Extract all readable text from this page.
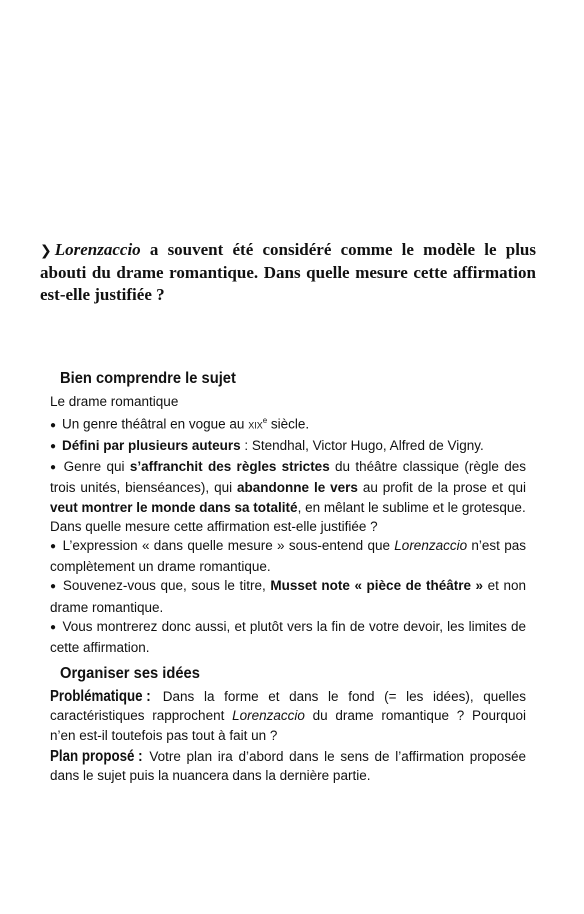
❯ Lorenzaccio a souvent été considéré comme le modèle le plus abouti du drame romantique. Dans quelle mesure cette affirmation est-elle justifiée ?
Bien comprendre le sujet

Le drame romantique

● Un genre théâtral en vogue au xix$^e$ siècle.

● Défini par plusieurs auteurs : Stendhal, Victor Hugo, Alfred de Vigny.

● Genre qui s’affranchit des règles strictes du théâtre classique (règle des trois unités, bienséances), qui abandonne le vers au profit de la prose et qui veut montrer le monde dans sa totalité, en mêlant le sublime et le grotesque.

Dans quelle mesure cette affirmation est-elle justifiée ?

● L’expression « dans quelle mesure » sous-entend que Lorenzaccio n’est pas complètement un drame romantique.

● Souvenez-vous que, sous le titre, Musset note « pièce de théâtre » et non drame romantique.

● Vous montrerez donc aussi, et plutôt vers la fin de votre devoir, les limites de cette affirmation.

Organiser ses idées

Problématique : Dans la forme et dans le fond (= les idées), quelles caractéristiques rapprochent Lorenzaccio du drame romantique ? Pourquoi n’en est-il toutefois pas tout à fait un ?

Plan proposé : Votre plan ira d’abord dans le sens de l’affirmation proposée dans le sujet puis la nuancera dans la dernière partie.
